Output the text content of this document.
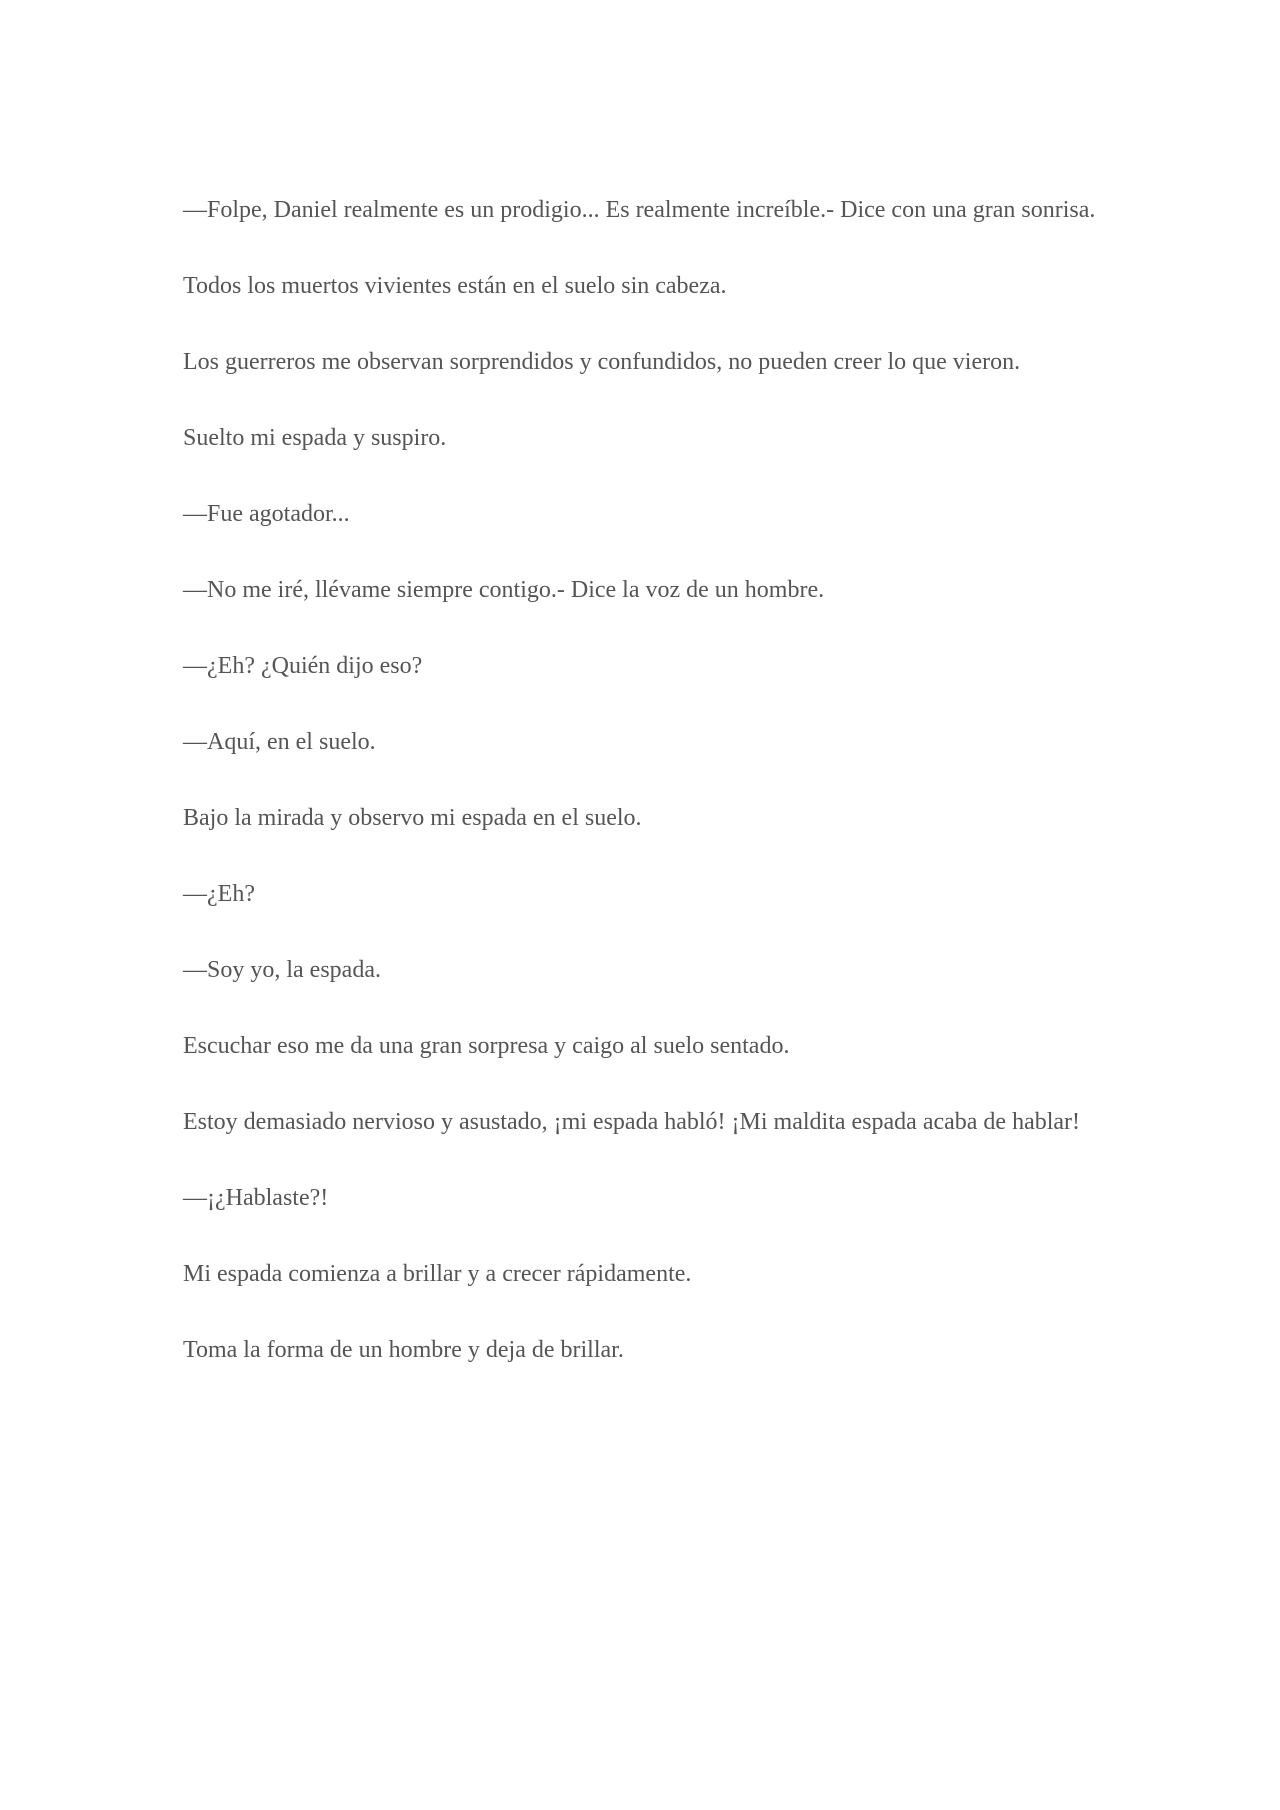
—Folpe, Daniel realmente es un prodigio... Es realmente increíble.- Dice con una gran sonrisa.

Todos los muertos vivientes están en el suelo sin cabeza.

Los guerreros me observan sorprendidos y confundidos, no pueden creer lo que vieron.

Suelto mi espada y suspiro.

—Fue agotador...

—No me iré, llévame siempre contigo.- Dice la voz de un hombre.

—¿Eh? ¿Quién dijo eso?

—Aquí, en el suelo.

Bajo la mirada y observo mi espada en el suelo.

—¿Eh?

—Soy yo, la espada.

Escuchar eso me da una gran sorpresa y caigo al suelo sentado.

Estoy demasiado nervioso y asustado, ¡mi espada habló! ¡Mi maldita espada acaba de hablar!

—¡¿Hablaste?!

Mi espada comienza a brillar y a crecer rápidamente.

Toma la forma de un hombre y deja de brillar.
